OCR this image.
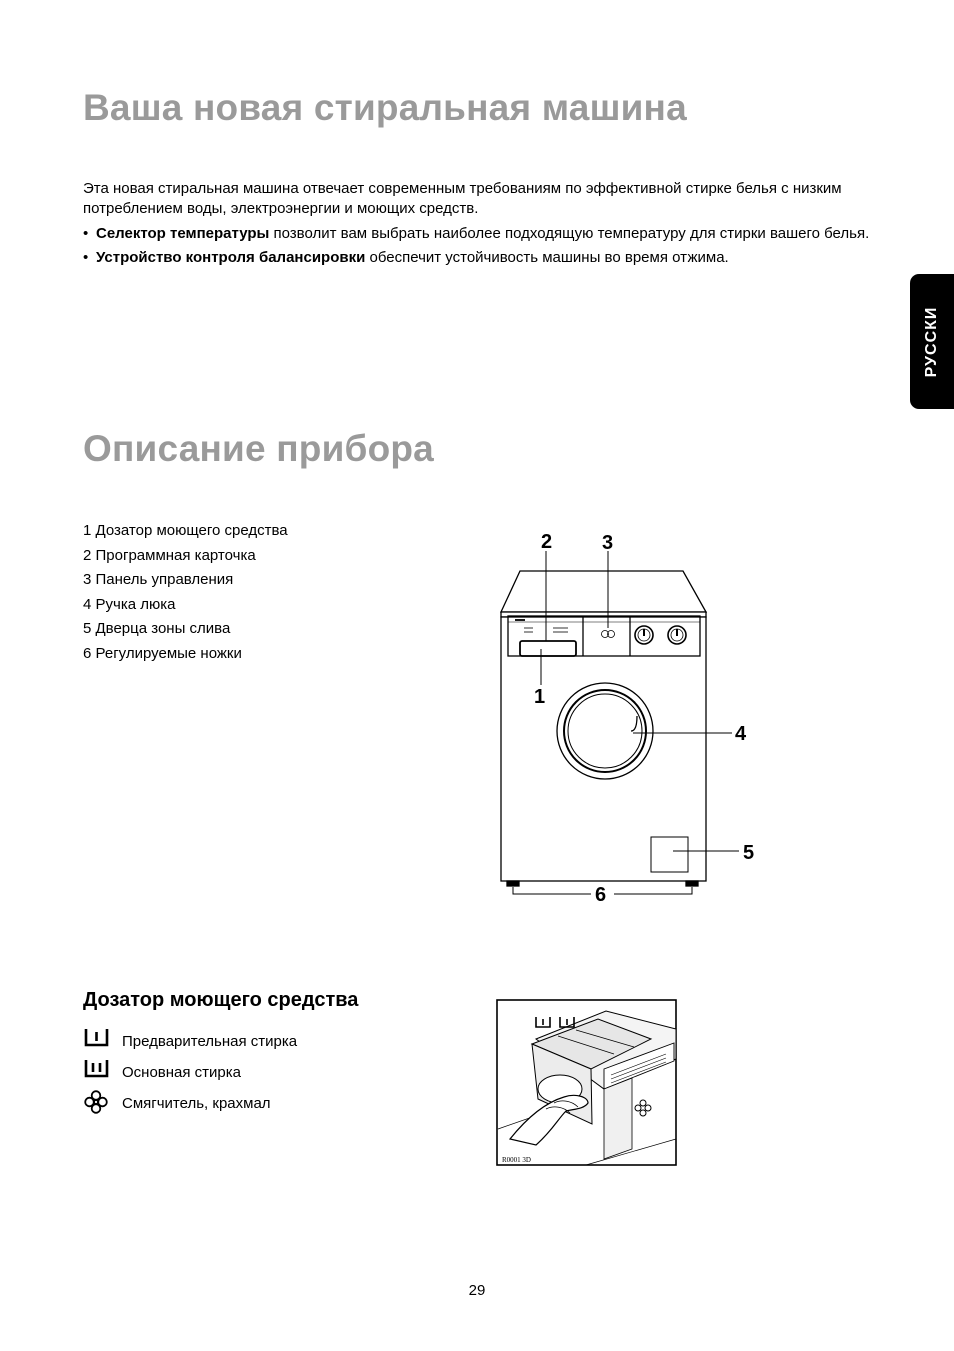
Ваша новая стиральная машина

Эта новая стиральная машина отвечает современным требованиям по эффективной стирке белья с низким потреблением воды, электроэнергии и моющих средств.

• Селектор температуры позволит вам выбрать наиболее подходящую температуру для стирки вашего белья.
• Устройство контроля балансировки обеспечит устойчивость машины во время отжима.
РУССКИ
Описание прибора
1 Дозатор моющего средства
2 Программная карточка
3 Панель управления
4 Ручка люка
5 Дверца зоны слива
6 Регулируемые ножки
1
2 3
4
5
6
Дозатор моющего средства
Предварительная стирка
Основная стирка
Смягчитель, крахмал
R0001 3D
29
